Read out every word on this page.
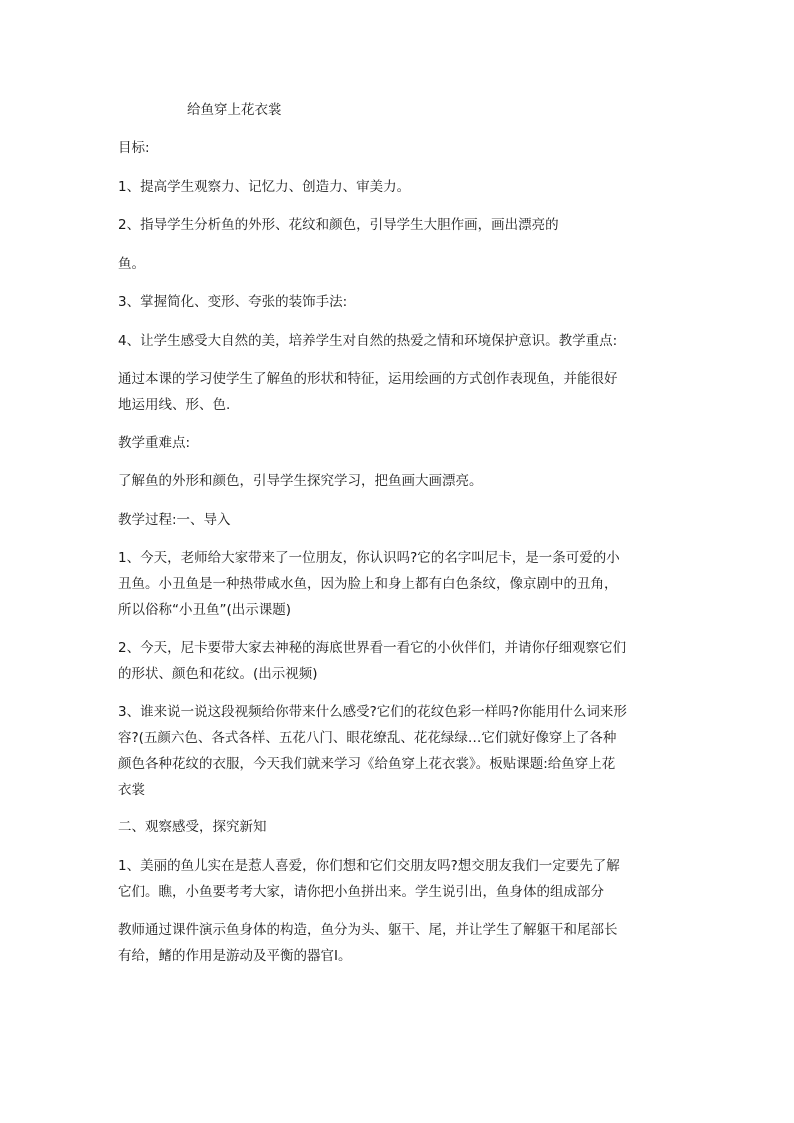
给鱼穿上花衣裳
目标:
1、提高学生观察力、记忆力、创造力、审美力。
2、指导学生分析鱼的外形、花纹和颜色，引导学生大胆作画，画出漂亮的
鱼。
3、掌握简化、变形、夸张的装饰手法:
4、让学生感受大自然的美，培养学生对自然的热爱之情和环境保护意识。教学重点:
通过本课的学习使学生了解鱼的形状和特征，运用绘画的方式创作表现鱼，并能很好
地运用线、形、色.
教学重难点:
了解鱼的外形和颜色，引导学生探究学习，把鱼画大画漂亮。
教学过程:一、导入
1、今天，老师给大家带来了一位朋友，你认识吗?它的名字叫尼卡，是一条可爱的小
丑鱼。小丑鱼是一种热带咸水鱼，因为脸上和身上都有白色条纹，像京剧中的丑角，
所以俗称“小丑鱼”(出示课题)
2、今天，尼卡要带大家去神秘的海底世界看一看它的小伙伴们，并请你仔细观察它们
的形状、颜色和花纹。(出示视频)
3、谁来说一说这段视频给你带来什么感受?它们的花纹色彩一样吗?你能用什么词来形
容?(五颜六色、各式各样、五花八门、眼花缭乱、花花绿绿…它们就好像穿上了各种
颜色各种花纹的衣服，今天我们就来学习《给鱼穿上花衣裳》。板贴课题:给鱼穿上花
衣裳
二、观察感受，探究新知
1、美丽的鱼儿实在是惹人喜爱，你们想和它们交朋友吗?想交朋友我们一定要先了解
它们。瞧，小鱼要考考大家，请你把小鱼拼出来。学生说引出，鱼身体的组成部分
教师通过课件演示鱼身体的构造，鱼分为头、躯干、尾，并让学生了解躯干和尾部长
有给，鳍的作用是游动及平衡的器官I。
